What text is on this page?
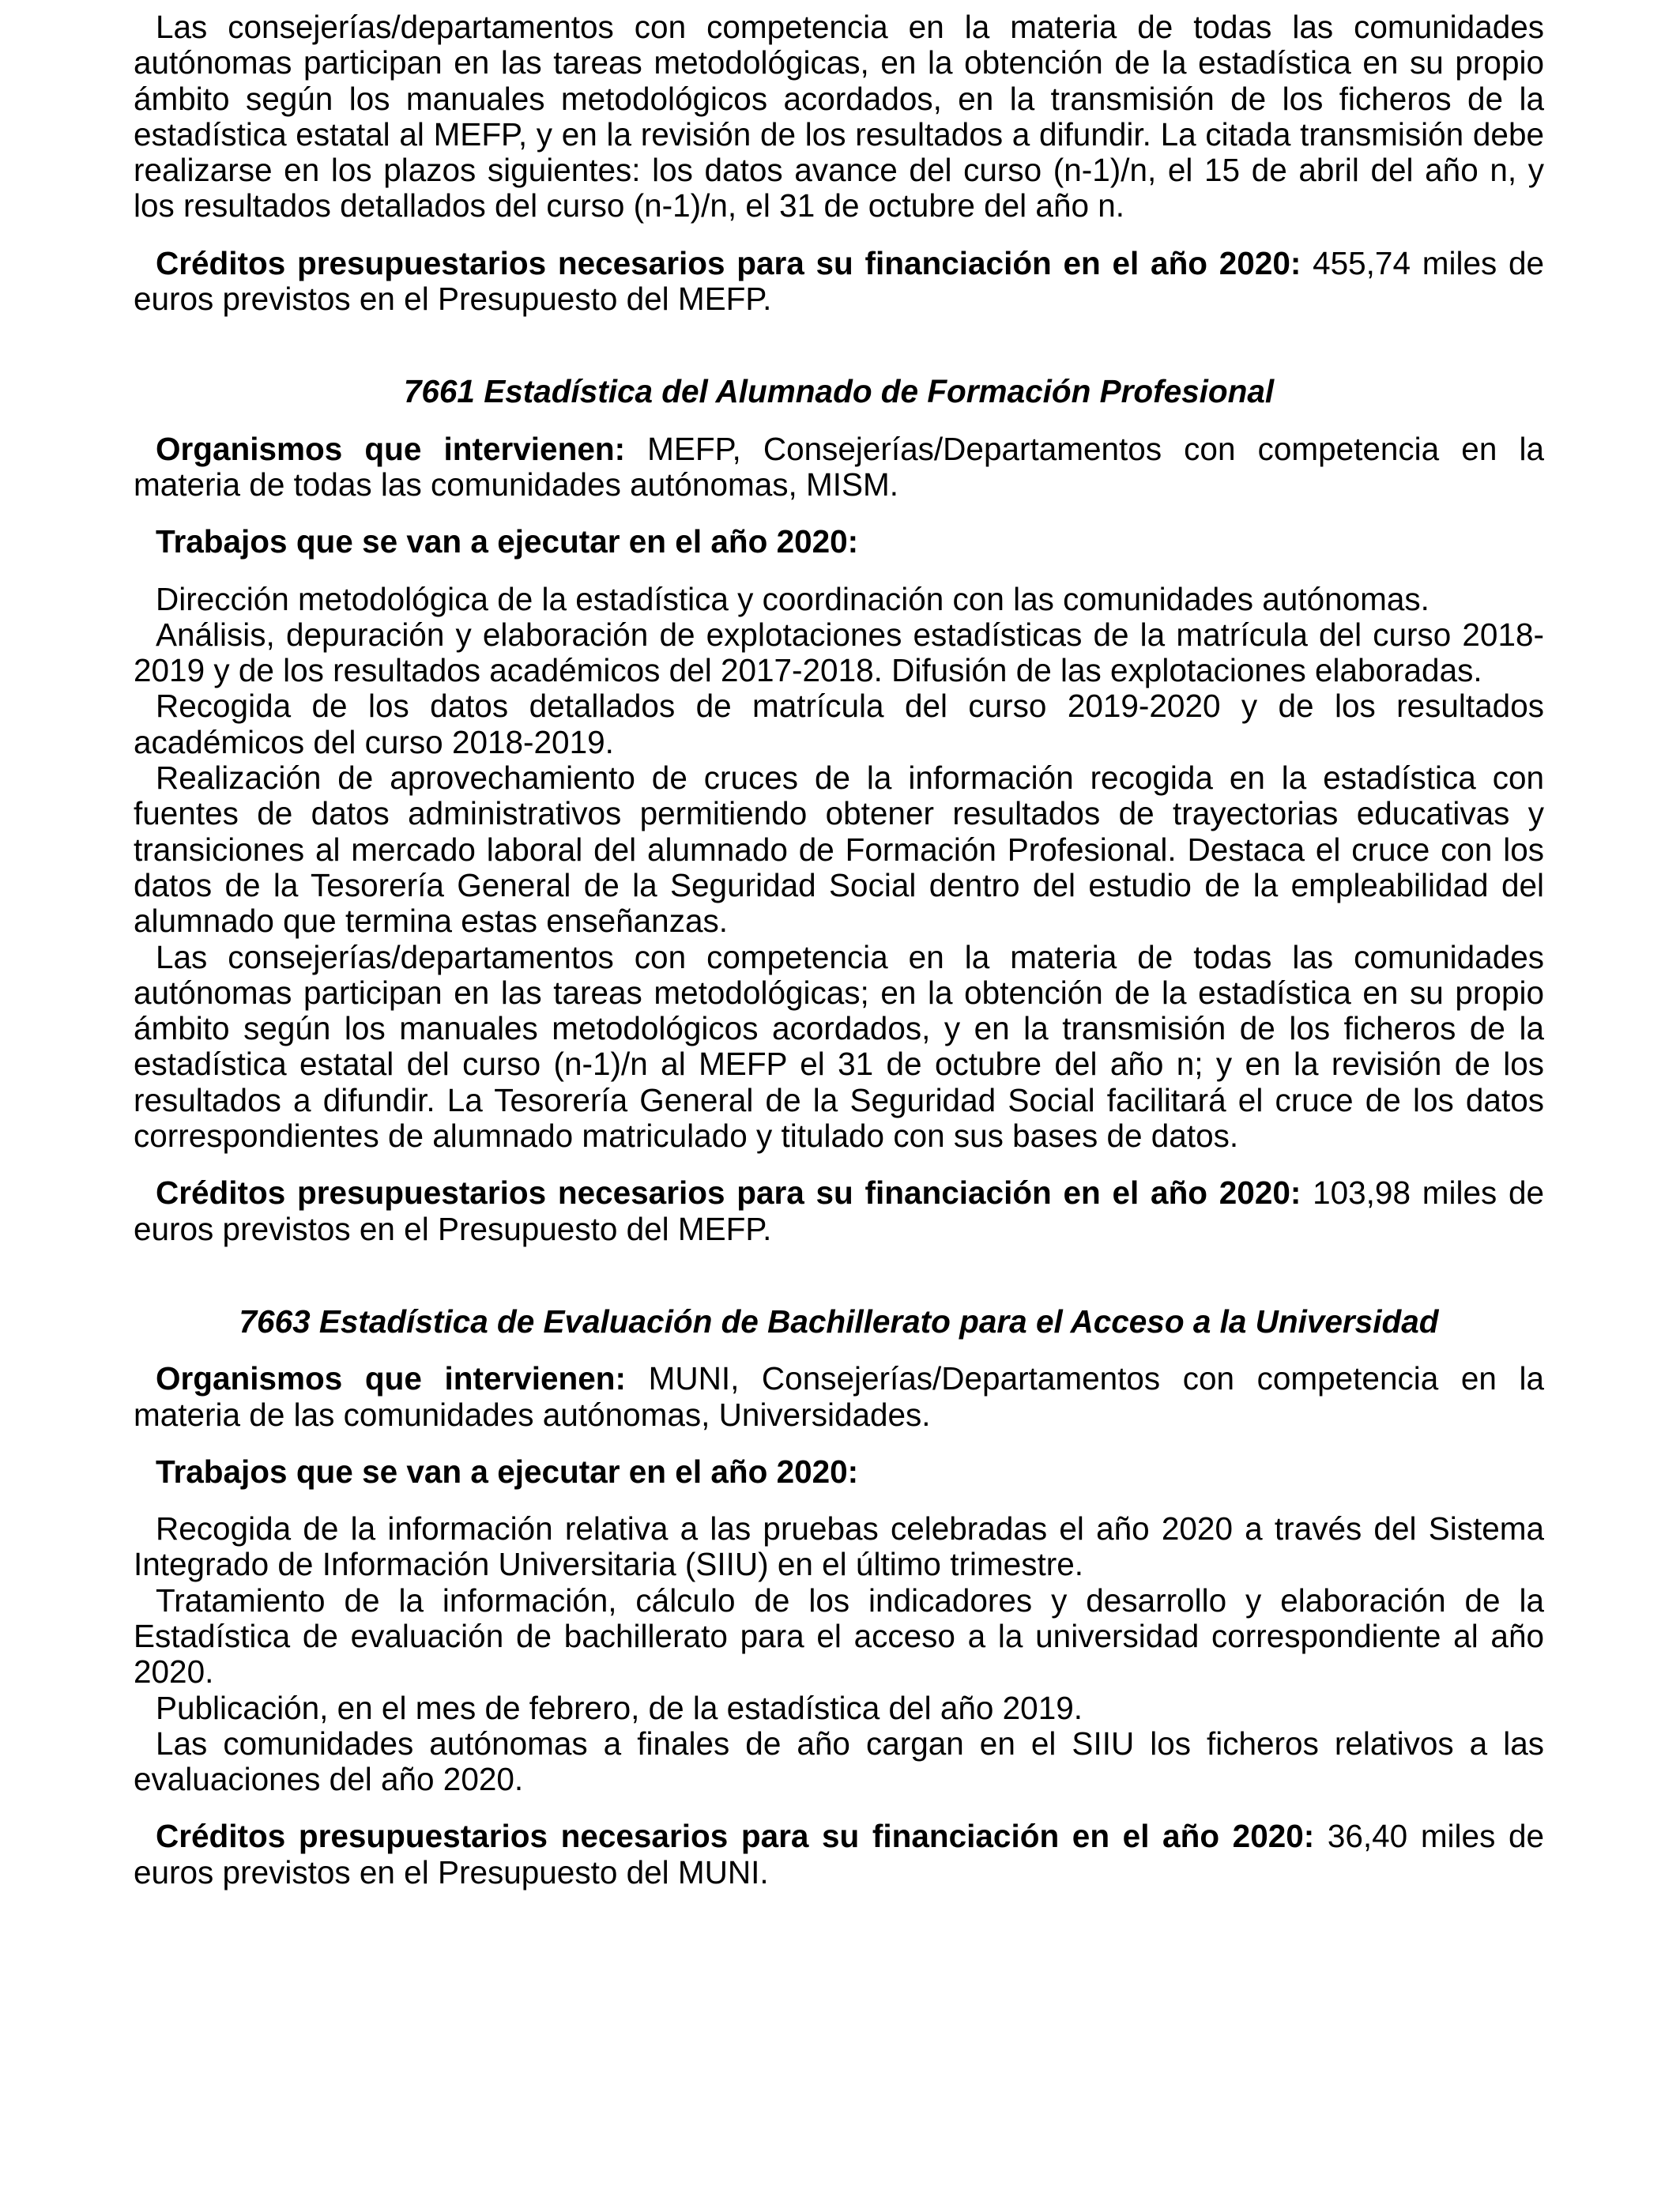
Las consejerías/departamentos con competencia en la materia de todas las comunidades autónomas participan en las tareas metodológicas, en la obtención de la estadística en su propio ámbito según los manuales metodológicos acordados, en la transmisión de los ficheros de la estadística estatal al MEFP, y en la revisión de los resultados a difundir. La citada transmisión debe realizarse en los plazos siguientes: los datos avance del curso (n-1)/n, el 15 de abril del año n, y los resultados detallados del curso (n-1)/n, el 31 de octubre del año n.

Créditos presupuestarios necesarios para su financiación en el año 2020: 455,74 miles de euros previstos en el Presupuesto del MEFP.

7661 Estadística del Alumnado de Formación Profesional

Organismos que intervienen: MEFP, Consejerías/Departamentos con competencia en la materia de todas las comunidades autónomas, MISM.

Trabajos que se van a ejecutar en el año 2020:

Dirección metodológica de la estadística y coordinación con las comunidades autónomas.

Análisis, depuración y elaboración de explotaciones estadísticas de la matrícula del curso 2018-2019 y de los resultados académicos del 2017-2018. Difusión de las explotaciones elaboradas.

Recogida de los datos detallados de matrícula del curso 2019-2020 y de los resultados académicos del curso 2018-2019.

Realización de aprovechamiento de cruces de la información recogida en la estadística con fuentes de datos administrativos permitiendo obtener resultados de trayectorias educativas y transiciones al mercado laboral del alumnado de Formación Profesional. Destaca el cruce con los datos de la Tesorería General de la Seguridad Social dentro del estudio de la empleabilidad del alumnado que termina estas enseñanzas.

Las consejerías/departamentos con competencia en la materia de todas las comunidades autónomas participan en las tareas metodológicas; en la obtención de la estadística en su propio ámbito según los manuales metodológicos acordados, y en la transmisión de los ficheros de la estadística estatal del curso (n-1)/n al MEFP el 31 de octubre del año n; y en la revisión de los resultados a difundir. La Tesorería General de la Seguridad Social facilitará el cruce de los datos correspondientes de alumnado matriculado y titulado con sus bases de datos.

Créditos presupuestarios necesarios para su financiación en el año 2020: 103,98 miles de euros previstos en el Presupuesto del MEFP.

7663 Estadística de Evaluación de Bachillerato para el Acceso a la Universidad

Organismos que intervienen: MUNI, Consejerías/Departamentos con competencia en la materia de las comunidades autónomas, Universidades.

Trabajos que se van a ejecutar en el año 2020:

Recogida de la información relativa a las pruebas celebradas el año 2020 a través del Sistema Integrado de Información Universitaria (SIIU) en el último trimestre.

Tratamiento de la información, cálculo de los indicadores y desarrollo y elaboración de la Estadística de evaluación de bachillerato para el acceso a la universidad correspondiente al año 2020.

Publicación, en el mes de febrero, de la estadística del año 2019.

Las comunidades autónomas a finales de año cargan en el SIIU los ficheros relativos a las evaluaciones del año 2020.

Créditos presupuestarios necesarios para su financiación en el año 2020: 36,40 miles de euros previstos en el Presupuesto del MUNI.
